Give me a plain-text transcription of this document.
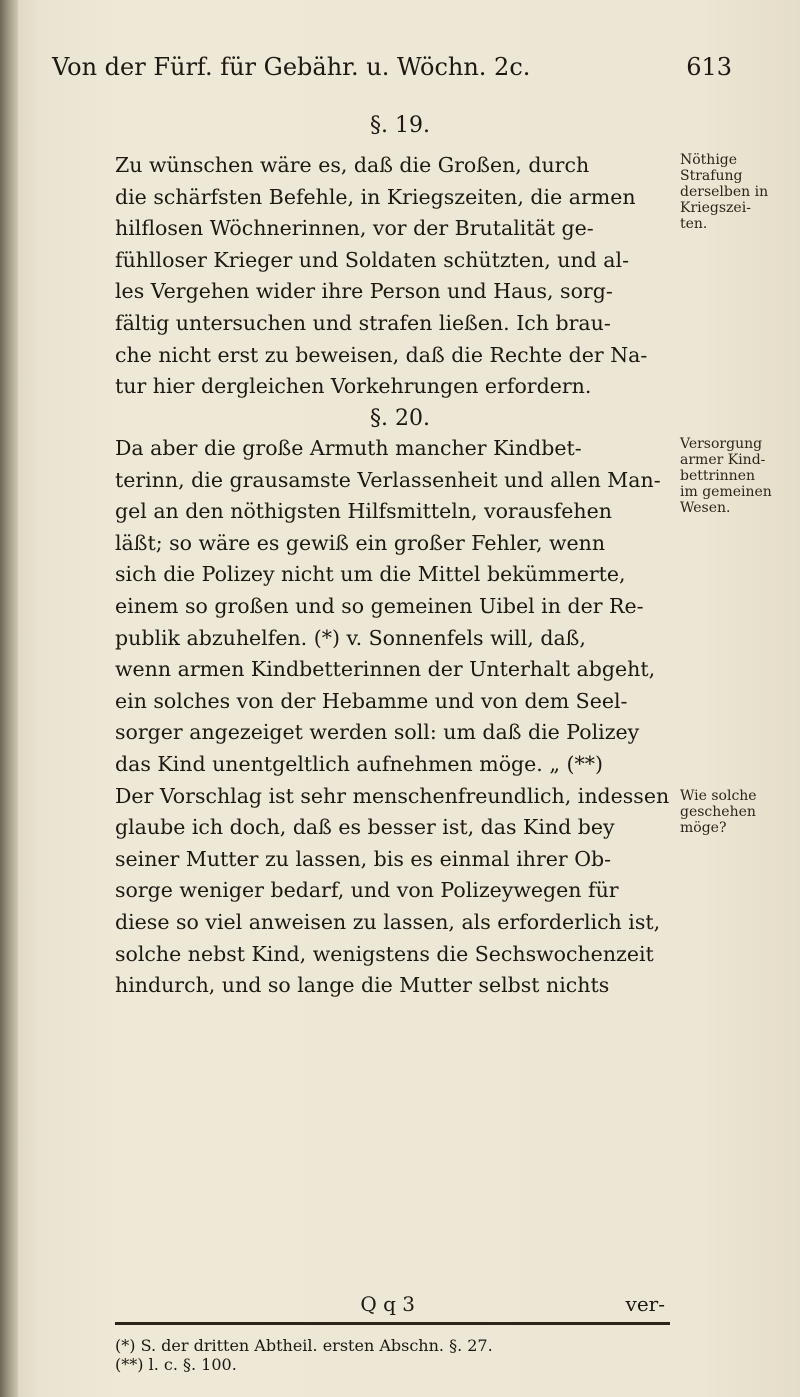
Von der Fürf. für Gebähr. u. Wöchn. 2c.	613
§. 19.
Zu wünschen wäre es, daß die Großen, durch
die schärfsten Befehle, in Kriegszeiten, die armen
hilflosen Wöchnerinnen, vor der Brutalität ge-
fühlloser Krieger und Soldaten schützten, und al-
les Vergehen wider ihre Person und Haus, sorg-
fältig untersuchen und strafen ließen. Ich brau-
che nicht erst zu beweisen, daß die Rechte der Na-
tur hier dergleichen Vorkehrungen erfordern.
§. 20.
Da aber die große Armuth mancher Kindbet-
terinn, die grausamste Verlassenheit und allen Man-
gel an den nöthigsten Hilfsmitteln, vorausfehen
läßt; so wäre es gewiß ein großer Fehler, wenn
sich die Polizey nicht um die Mittel bekümmerte,
einem so großen und so gemeinen Uibel in der Re-
publik abzuhelfen. (*) v. Sonnenfels will, daß,
wenn armen Kindbetterinnen der Unterhalt abgeht,
ein solches von der Hebamme und von dem Seel-
sorger angezeiget werden soll: um daß die Polizey
das Kind unentgeltlich aufnehmen möge. „ (**)
Der Vorschlag ist sehr menschenfreundlich, indessen
glaube ich doch, daß es besser ist, das Kind bey
seiner Mutter zu lassen, bis es einmal ihrer Ob-
sorge weniger bedarf, und von Polizeywegen für
diese so viel anweisen zu lassen, als erforderlich ist,
solche nebst Kind, wenigstens die Sechswochenzeit
hindurch, und so lange die Mutter selbst nichts
Nöthige
Strafung
derselben in
Kriegszei-
ten.
Versorgung
armer Kind-
bettrinnen
im gemeinen
Wesen.
Wie solche
geschehen
möge?
Q q 3	ver-
(*) S. der dritten Abtheil. ersten Abschn. §. 27.
(**) l. c. §. 100.
